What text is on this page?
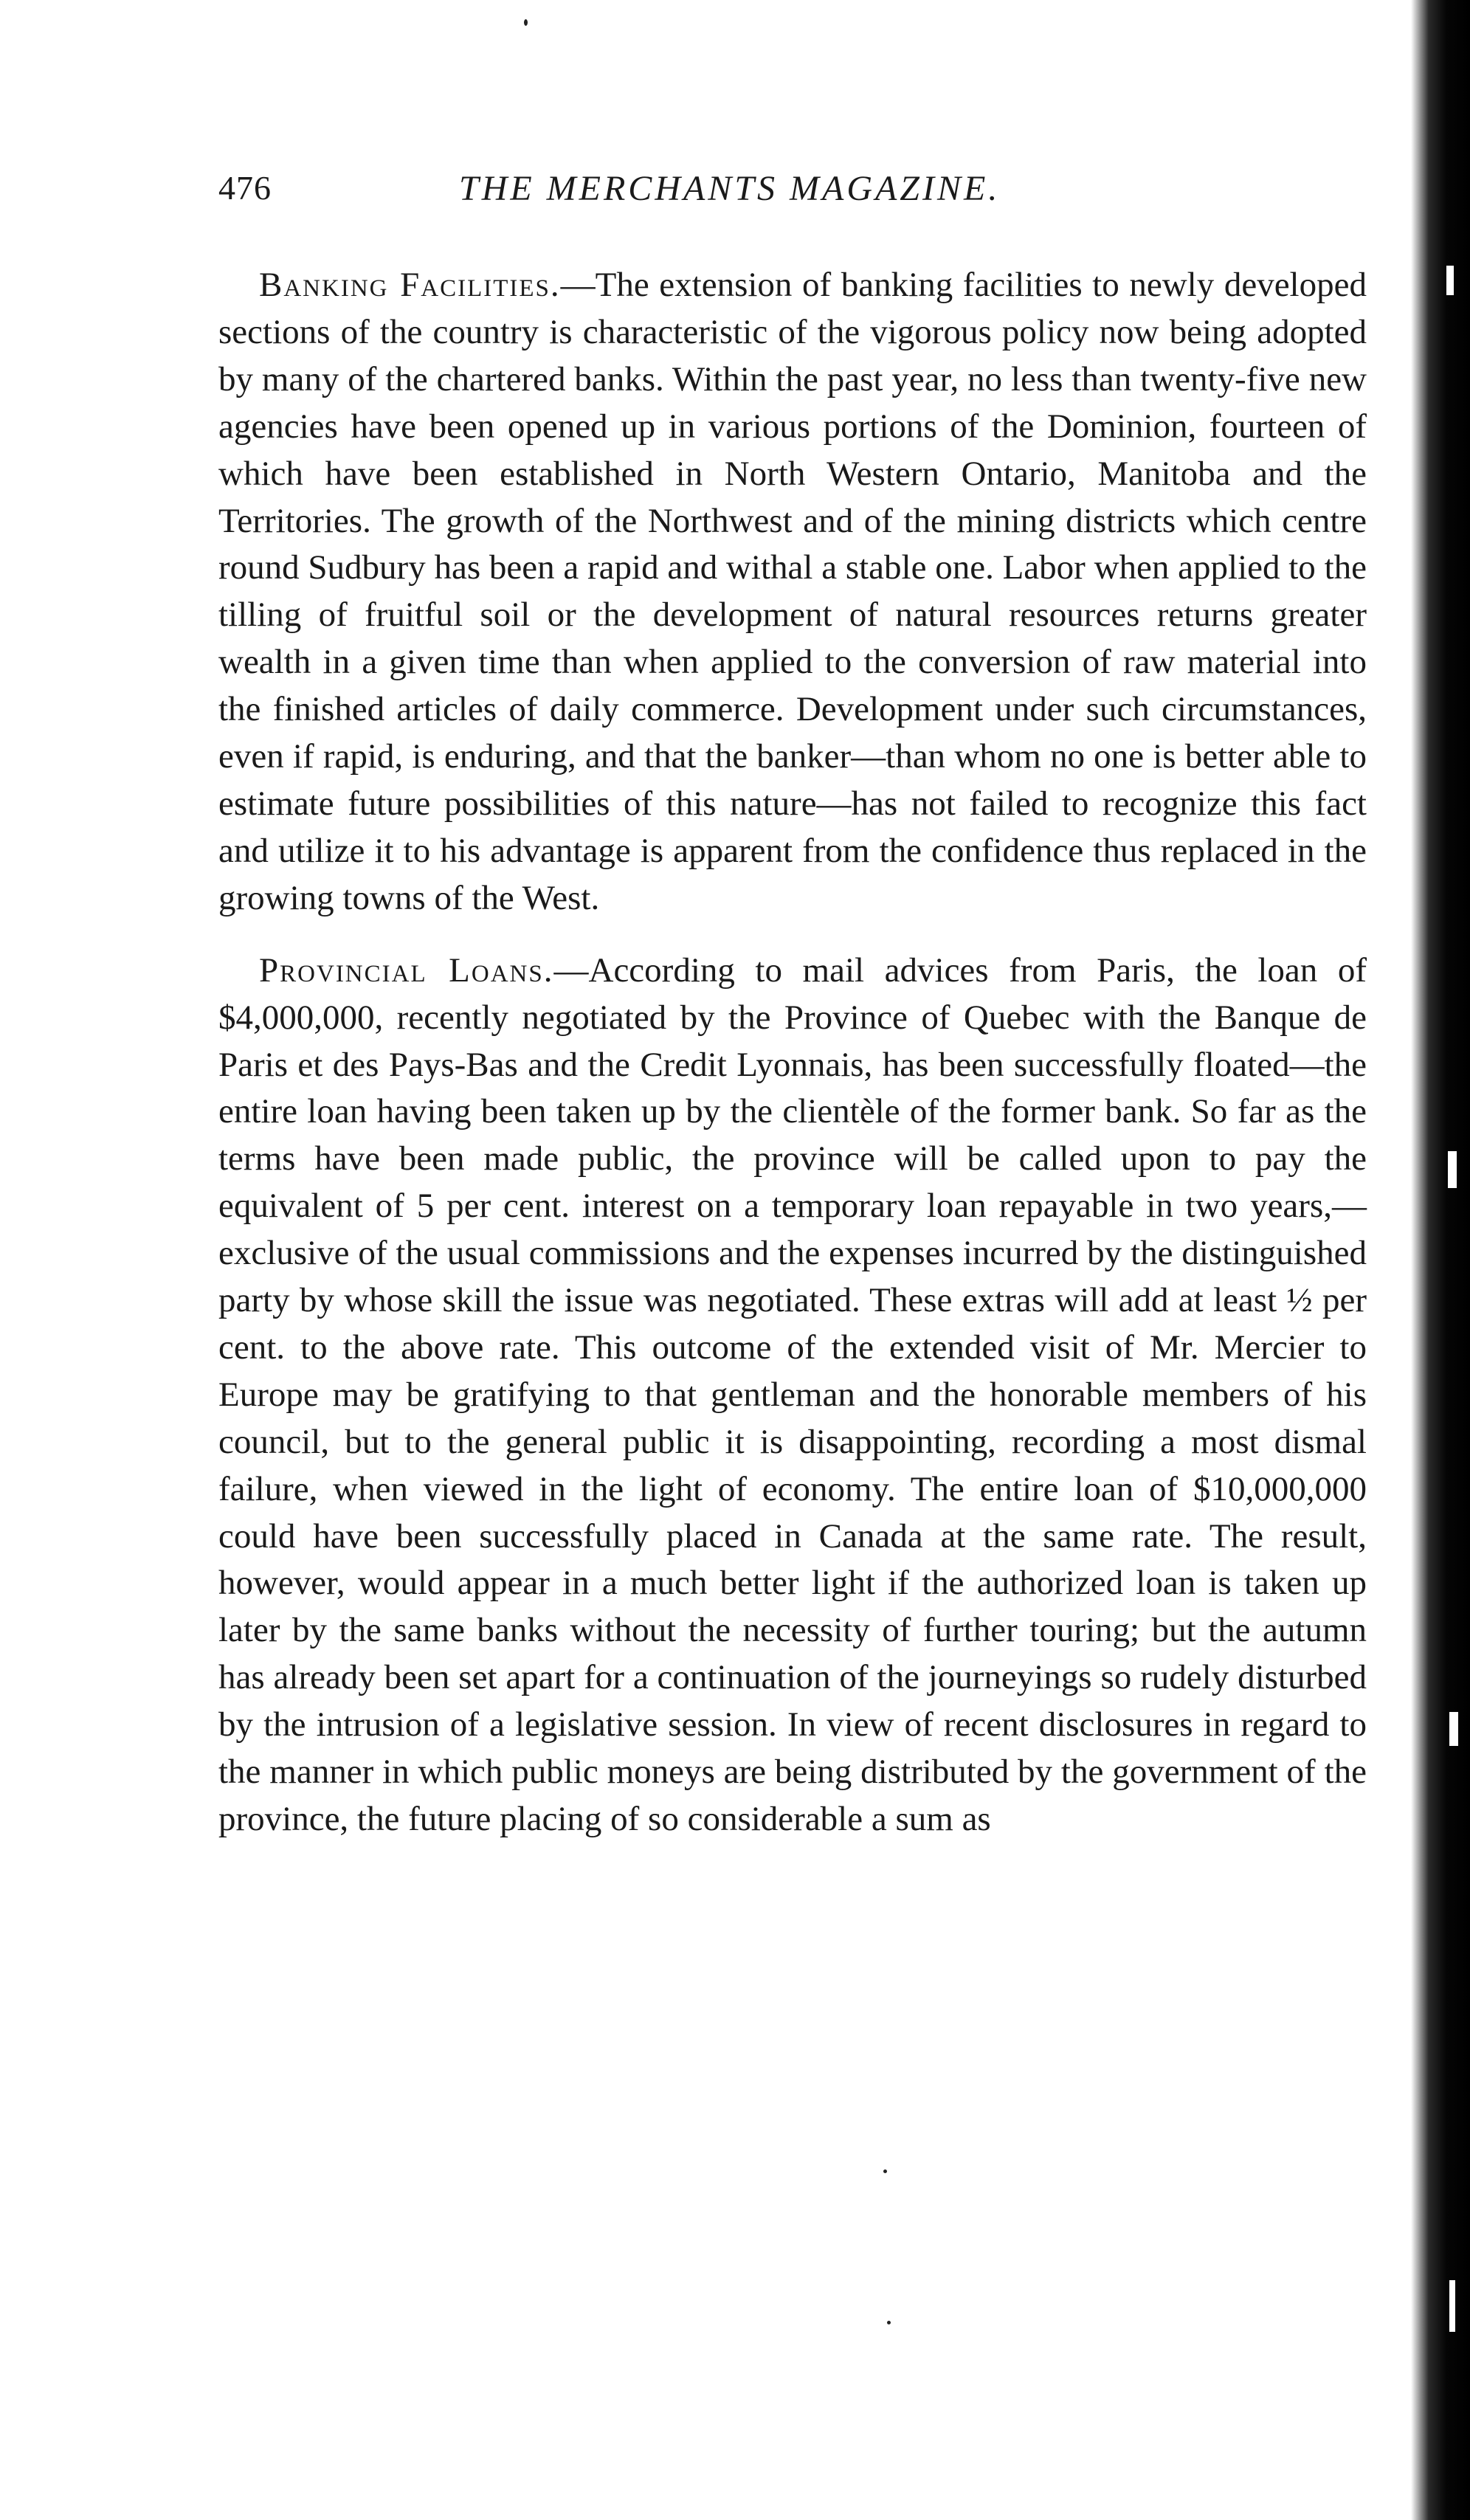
476	THE MERCHANTS MAGAZINE.

Banking Facilities.—The extension of banking facilities to newly developed sections of the country is characteristic of the vigorous policy now being adopted by many of the chartered banks. Within the past year, no less than twenty-five new agencies have been opened up in various portions of the Dominion, fourteen of which have been established in North Western Ontario, Manitoba and the Territories. The growth of the Northwest and of the mining districts which centre round Sudbury has been a rapid and withal a stable one. Labor when applied to the tilling of fruitful soil or the development of natural resources returns greater wealth in a given time than when applied to the conversion of raw material into the finished articles of daily commerce. Development under such circumstances, even if rapid, is enduring, and that the banker—than whom no one is better able to estimate future possibilities of this nature—has not failed to recognize this fact and utilize it to his advantage is apparent from the confidence thus replaced in the growing towns of the West.

Provincial Loans.—According to mail advices from Paris, the loan of $4,000,000, recently negotiated by the Province of Quebec with the Banque de Paris et des Pays-Bas and the Credit Lyonnais, has been successfully floated—the entire loan having been taken up by the clientèle of the former bank. So far as the terms have been made public, the province will be called upon to pay the equivalent of 5 per cent. interest on a temporary loan repayable in two years,—exclusive of the usual commissions and the expenses incurred by the distinguished party by whose skill the issue was negotiated. These extras will add at least ½ per cent. to the above rate. This outcome of the extended visit of Mr. Mercier to Europe may be gratifying to that gentleman and the honorable members of his council, but to the general public it is disappointing, recording a most dismal failure, when viewed in the light of economy. The entire loan of $10,000,000 could have been successfully placed in Canada at the same rate. The result, however, would appear in a much better light if the authorized loan is taken up later by the same banks without the necessity of further touring; but the autumn has already been set apart for a continuation of the journeyings so rudely disturbed by the intrusion of a legislative session. In view of recent disclosures in regard to the manner in which public moneys are being distributed by the government of the province, the future placing of so considerable a sum as
